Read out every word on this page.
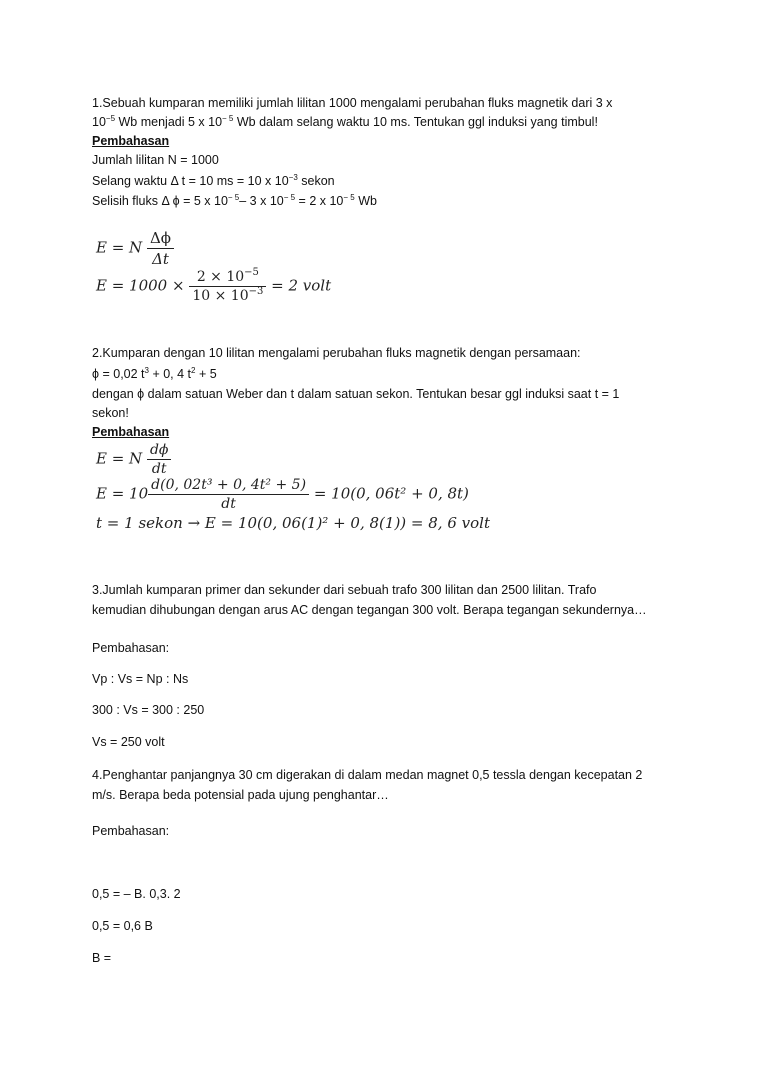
1.Sebuah kumparan memiliki jumlah lilitan 1000 mengalami perubahan fluks magnetik dari 3 x
$10^{-5}$ Wb menjadi 5 x $10^{- 5}$ Wb dalam selang waktu 10 ms. Tentukan ggl induksi yang timbul!
Pembahasan
Jumlah lilitan N = 1000
Selang waktu Δ t = 10 ms = 10 x $10^{-3}$ sekon
Selisih fluks Δ ϕ = 5 x $10^{- 5}-$ 3 x $10^{- 5} = 2$ x $10^{- 5}$ Wb
E = N $\frac{\Delta\phi}{\Delta t}$
$E = 1000 \times \frac{2 \times 10^{-5}}{10 \times 10^{-3}} = 2$ volt
2.Kumparan dengan 10 lilitan mengalami perubahan fluks magnetik dengan persamaan:
ϕ = 0,02 $t^3 + 0$, 4 $t^2 + 5$
dengan ϕ dalam satuan Weber dan t dalam satuan sekon. Tentukan besar ggl induksi saat t = 1
sekon!
Pembahasan
E = N $\frac{d\phi}{dt}$
$E = 10 \frac{\text{d(0, 02t³ + 0, 4t² + 5)}}{dt} = 10(0$, 06t² + 0, 8t)
t = 1 sekon → E = 10(0, 06(1)² + 0, 8(1)) = 8, 6 volt
3.Jumlah kumparan primer dan sekunder dari sebuah trafo 300 lilitan dan 2500 lilitan. Trafo
kemudian dihubungan dengan arus AC dengan tegangan 300 volt. Berapa tegangan sekundernya…
Pembahasan:
Vp : Vs = Np : Ns
300 : Vs = 300 : 250
Vs = 250 volt
4.Penghantar panjangnya 30 cm digerakan di dalam medan magnet 0,5 tessla dengan kecepatan 2
m/s. Berapa beda potensial pada ujung penghantar…
Pembahasan:
0,5 = – B. 0,3. 2
0,5 = 0,6 B
B =
